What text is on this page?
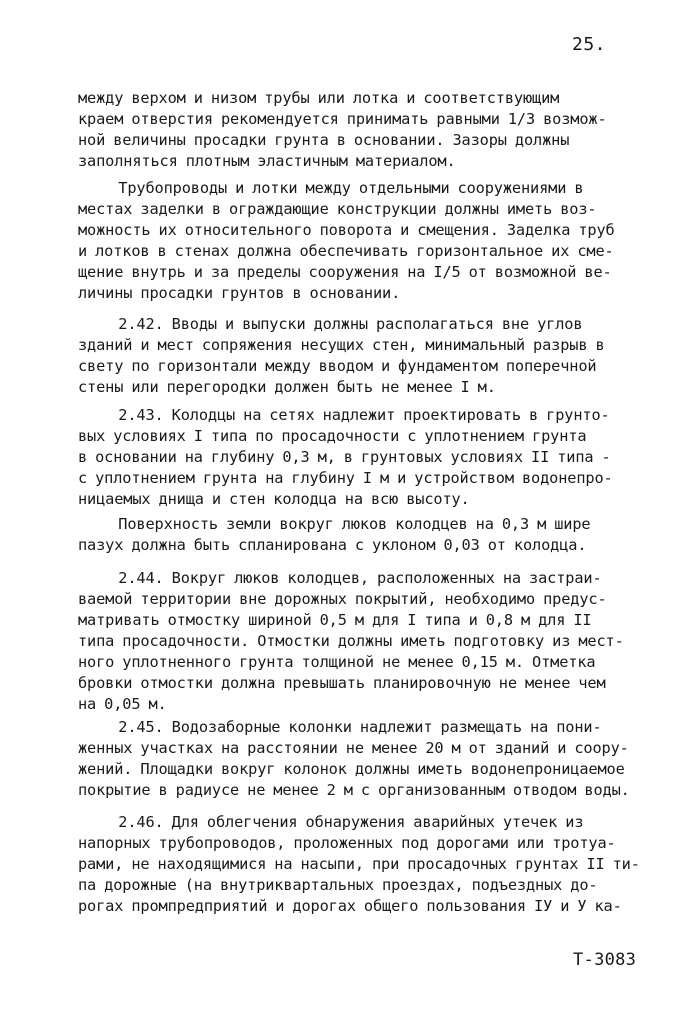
25.
между верхом и низом трубы или лотка и соответствующим
краем отверстия рекомендуется принимать равными 1/3 возмож-
ной величины просадки грунта в основании. Зазоры должны
заполняться плотным эластичным материалом.
Трубопроводы и лотки между отдельными сооружениями в
местах заделки в ограждающие конструкции должны иметь воз-
можность их относительного поворота и смещения. Заделка труб
и лотков в стенах должна обеспечивать горизонтальное их сме-
щение внутрь и за пределы сооружения на I/5 от возможной ве-
личины просадки грунтов в основании.
2.42. Вводы и выпуски должны располагаться вне углов
зданий и мест сопряжения несущих стен, минимальный разрыв в
свету по горизонтали между вводом и фундаментом поперечной
стены или перегородки должен быть не менее I м.
2.43. Колодцы на сетях надлежит проектировать в грунто-
вых условиях I типа по просадочности с уплотнением грунта
в основании на глубину 0,3 м, в грунтовых условиях II типа -
с уплотнением грунта на глубину I м и устройством водонепро-
ницаемых днища и стен колодца на всю высоту.
Поверхность земли вокруг люков колодцев на 0,3 м шире
пазух должна быть спланирована с уклоном 0,03 от колодца.
2.44. Вокруг люков колодцев, расположенных на застраи-
ваемой территории вне дорожных покрытий, необходимо предус-
матривать отмостку шириной 0,5 м для I типа и 0,8 м для II
типа просадочности. Отмостки должны иметь подготовку из мест-
ного уплотненного грунта толщиной не менее 0,15 м. Отметка
бровки отмостки должна превышать планировочную не менее чем
на 0,05 м.
2.45. Водозаборные колонки надлежит размещать на пони-
женных участках на расстоянии не менее 20 м от зданий и соору-
жений. Площадки вокруг колонок должны иметь водонепроницаемое
покрытие в радиусе не менее 2 м с организованным отводом воды.
2.46. Для облегчения обнаружения аварийных утечек из
напорных трубопроводов, проложенных под дорогами или тротуа-
рами, не находящимися на насыпи, при просадочных грунтах II ти-
па дорожные (на внутриквартальных проездах, подъездных до-
рогах промпредприятий и дорогах общего пользования IУ и У ка-
Т-3083
